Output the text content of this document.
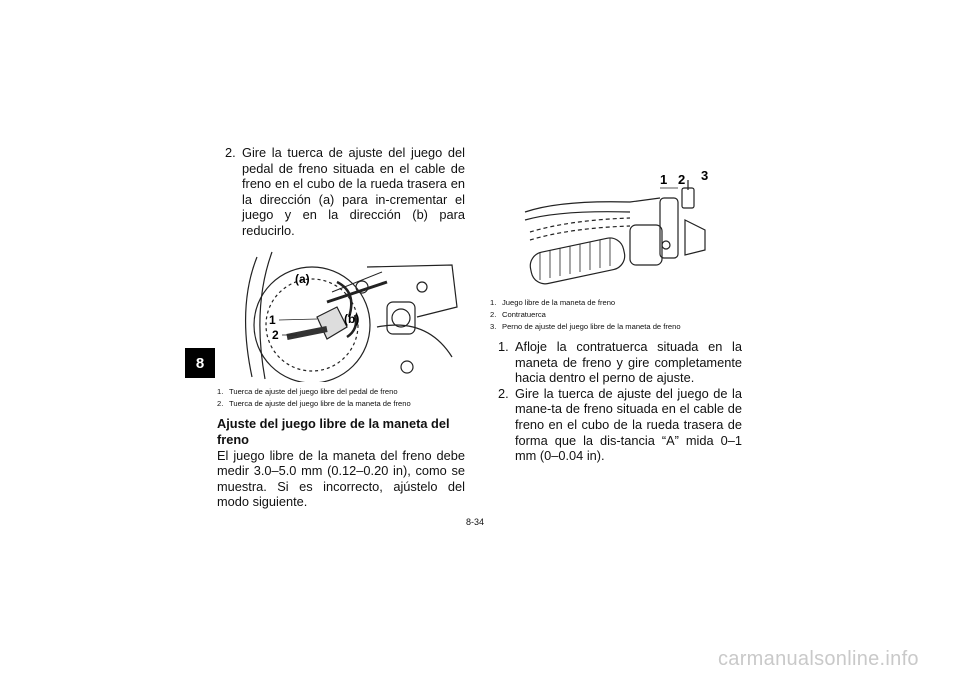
8

2. Gire la tuerca de ajuste del juego del pedal de freno situada en el cable de freno en el cubo de la rueda trasera en la dirección (a) para in-crementar el juego y en la dirección (b) para reducirlo.

(a)
(b)
1
2

1. Tuerca de ajuste del juego libre del pedal de freno

2. Tuerca de ajuste del juego libre de la maneta de freno

Ajuste del juego libre de la maneta del freno

El juego libre de la maneta del freno debe medir 3.0–5.0 mm (0.12–0.20 in), como se muestra. Si es incorrecto, ajústelo del modo siguiente.

1 2 3

1. Juego libre de la maneta de freno

2. Contratuerca

3. Perno de ajuste del juego libre de la maneta de freno

1. Afloje la contratuerca situada en la maneta de freno y gire completamente hacia dentro el perno de ajuste.

2. Gire la tuerca de ajuste del juego de la mane-ta de freno situada en el cable de freno en el cubo de la rueda trasera de forma que la dis-tancia “A” mida 0–1 mm (0–0.04 in).

8-34
carmanualsonline.info
